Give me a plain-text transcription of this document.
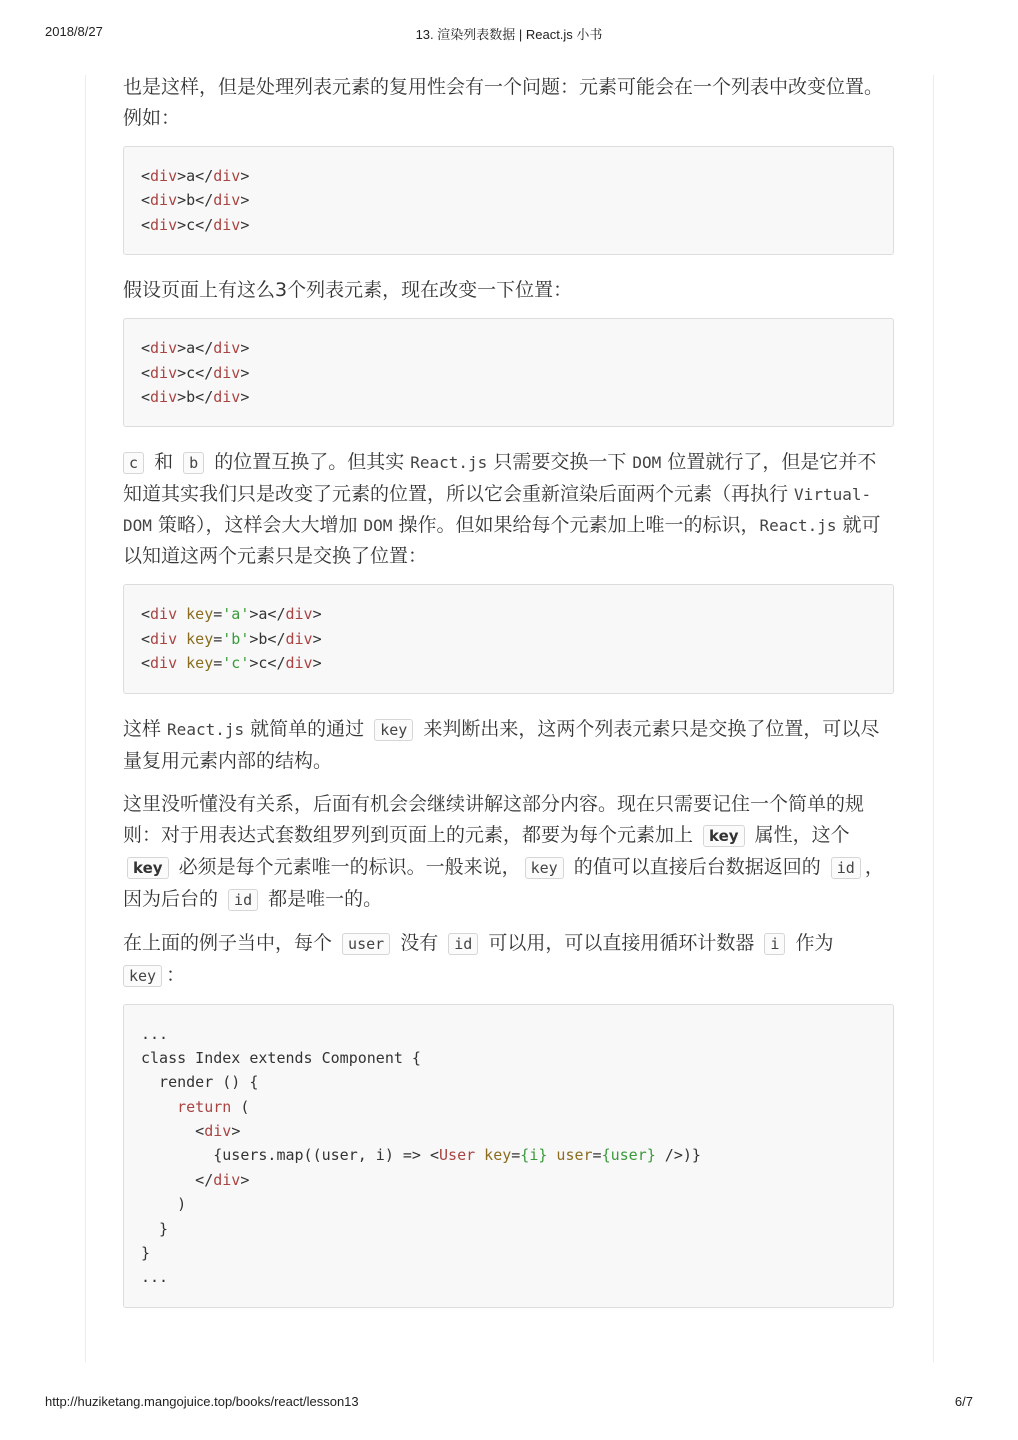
2018/8/27	13. 渲染列表数据 | React.js 小书

也是这样，但是处理列表元素的复用性会有一个问题：元素可能会在一个列表中改变位置。例如：

<div>a</div>
<div>b</div>
<div>c</div>

假设页面上有这么3个列表元素，现在改变一下位置：

<div>a</div>
<div>c</div>
<div>b</div>

c 和 b 的位置互换了。但其实 React.js 只需要交换一下 DOM 位置就行了，但是它并不知道其实我们只是改变了元素的位置，所以它会重新渲染后面两个元素（再执行 Virtual-DOM 策略），这样会大大增加 DOM 操作。但如果给每个元素加上唯一的标识，React.js 就可以知道这两个元素只是交换了位置：

<div key='a'>a</div>
<div key='b'>b</div>
<div key='c'>c</div>

这样 React.js 就简单的通过 key 来判断出来，这两个列表元素只是交换了位置，可以尽量复用元素内部的结构。

这里没听懂没有关系，后面有机会会继续讲解这部分内容。现在只需要记住一个简单的规则：对于用表达式套数组罗列到页面上的元素，都要为每个元素加上 key 属性，这个 key 必须是每个元素唯一的标识。一般来说， key 的值可以直接后台数据返回的 id ，因为后台的 id 都是唯一的。

在上面的例子当中，每个 user 没有 id 可以用，可以直接用循环计数器 i 作为 key ：

...
class Index extends Component {
render () {
return (
<div>
{users.map((user, i) => <User key={i} user={user} />)}
</div>
)
}
}
...
http://huziketang.mangojuice.top/books/react/lesson13	6/7
